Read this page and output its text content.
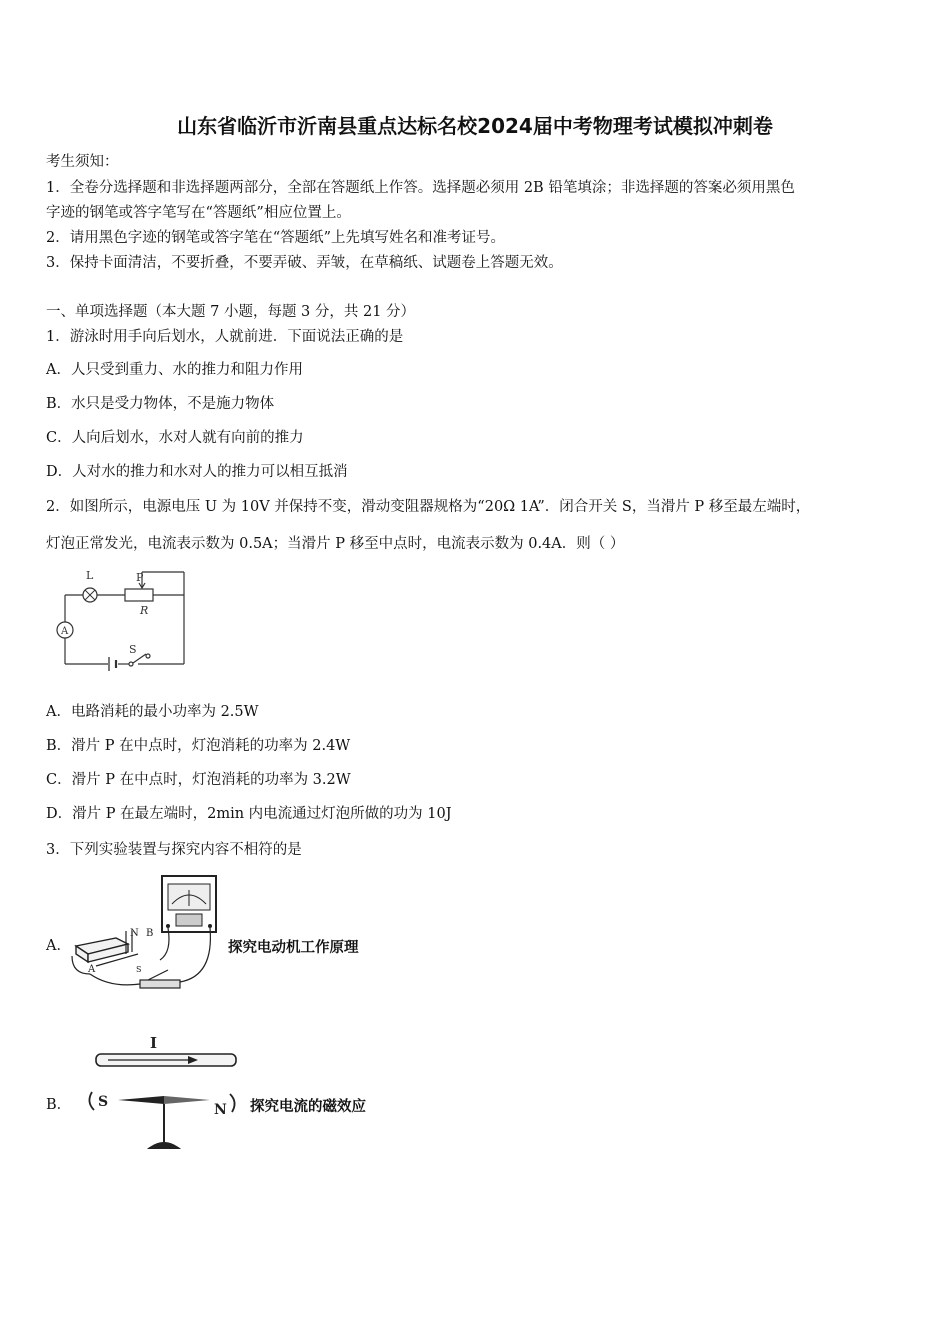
山东省临沂市沂南县重点达标名校2024届中考物理考试模拟冲刺卷
考生须知：
1．全卷分选择题和非选择题两部分，全部在答题纸上作答。选择题必须用 2B 铅笔填涂；非选择题的答案必须用黑色
字迹的钢笔或答字笔写在“答题纸”相应位置上。
2．请用黑色字迹的钢笔或答字笔在“答题纸”上先填写姓名和准考证号。
3．保持卡面清洁，不要折叠，不要弄破、弄皱，在草稿纸、试题卷上答题无效。
一、单项选择题（本大题 7 小题，每题 3 分，共 21 分）
1．游泳时用手向后划水，人就前进．下面说法正确的是
A．人只受到重力、水的推力和阻力作用
B．水只是受力物体，不是施力物体
C．人向后划水，水对人就有向前的推力
D．人对水的推力和水对人的推力可以相互抵消
2．如图所示，电源电压 U 为 10V 并保持不变，滑动变阻器规格为“20Ω 1A”．闭合开关 S，当滑片 P 移至最左端时，
灯泡正常发光，电流表示数为 0.5A；当滑片 P 移至中点时，电流表示数为 0.4A．则（ ）
L	P
R
A
S
A．电路消耗的最小功率为 2.5W
B．滑片 P 在中点时，灯泡消耗的功率为 2.4W
C．滑片 P 在中点时，灯泡消耗的功率为 3.2W
D．滑片 P 在最左端时，2min 内电流通过灯泡所做的功为 10J
3．下列实验装置与探究内容不相符的是
A．
N B
A	S
探究电动机工作原理
B．
I
S	N 探究电流的磁效应
